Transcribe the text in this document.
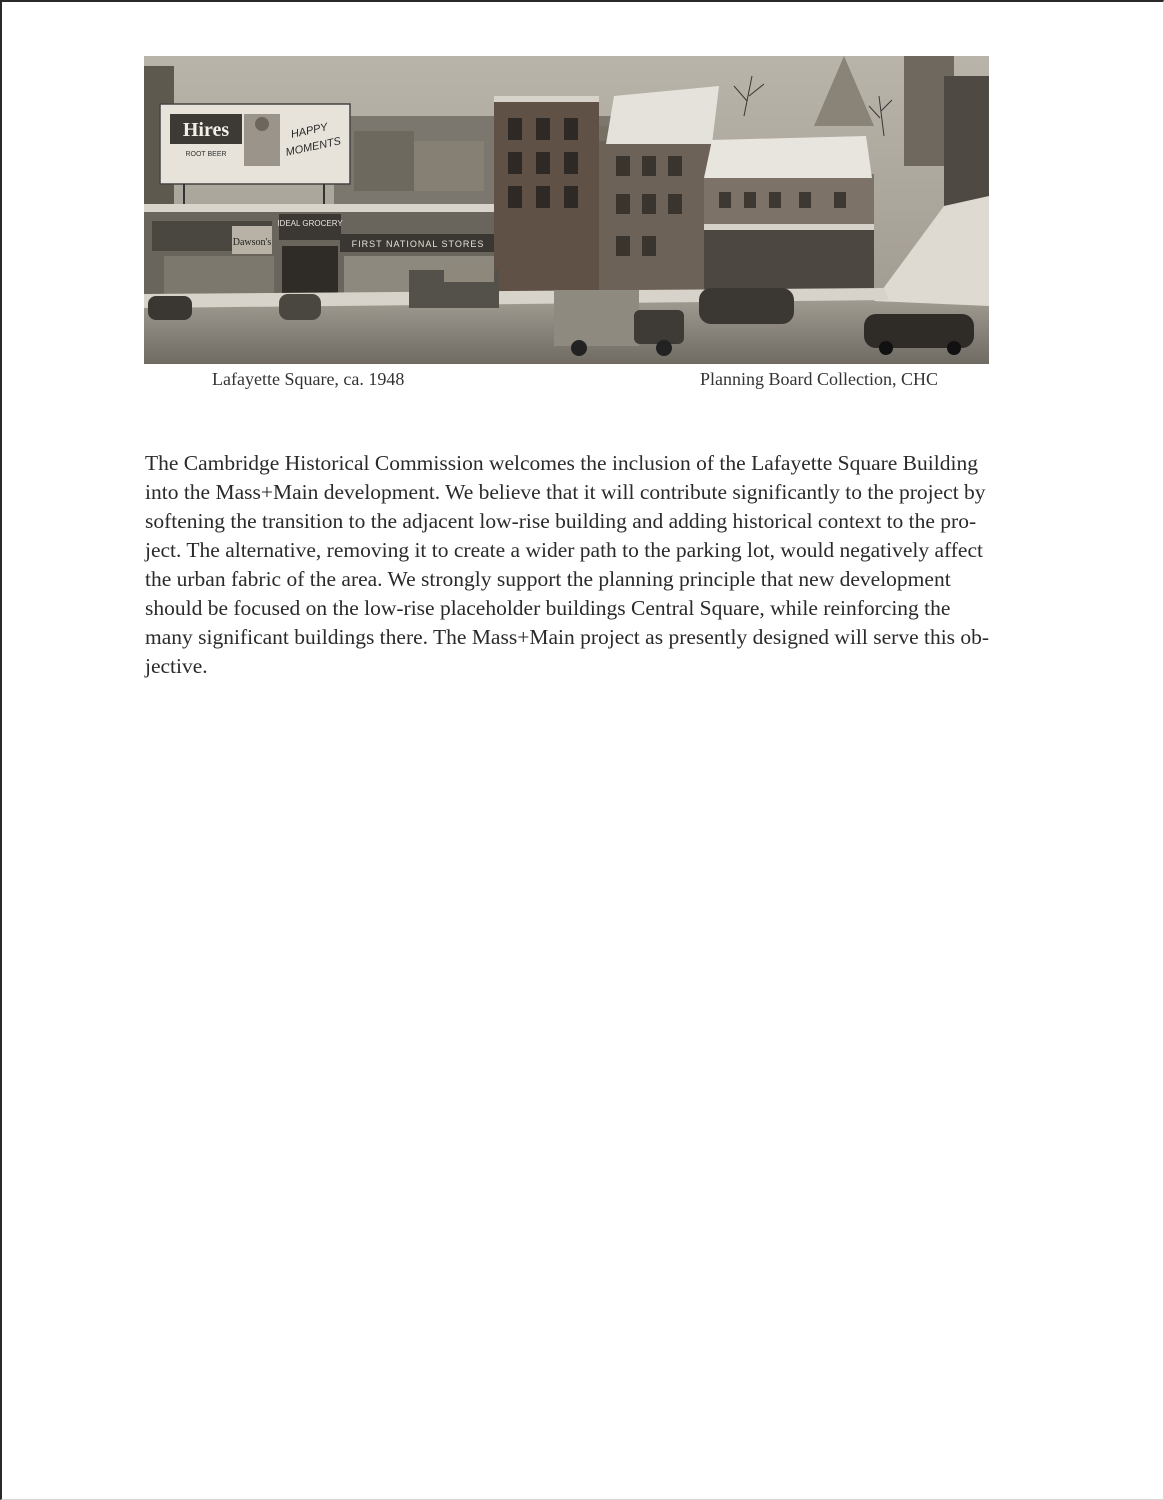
Hires
ROOT BEER
HAPPY
MOMENTS
Dawson's
IDEAL GROCERY
FIRST NATIONAL STORES
Lafayette Square, ca. 1948	Planning Board Collection, CHC

The Cambridge Historical Commission welcomes the inclusion of the Lafayette Square Building
into the Mass+Main development. We believe that it will contribute significantly to the project by
softening the transition to the adjacent low-rise building and adding historical context to the pro-
ject. The alternative, removing it to create a wider path to the parking lot, would negatively affect
the urban fabric of the area. We strongly support the planning principle that new development
should be focused on the low-rise placeholder buildings Central Square, while reinforcing the
many significant buildings there. The Mass+Main project as presently designed will serve this ob-
jective.
